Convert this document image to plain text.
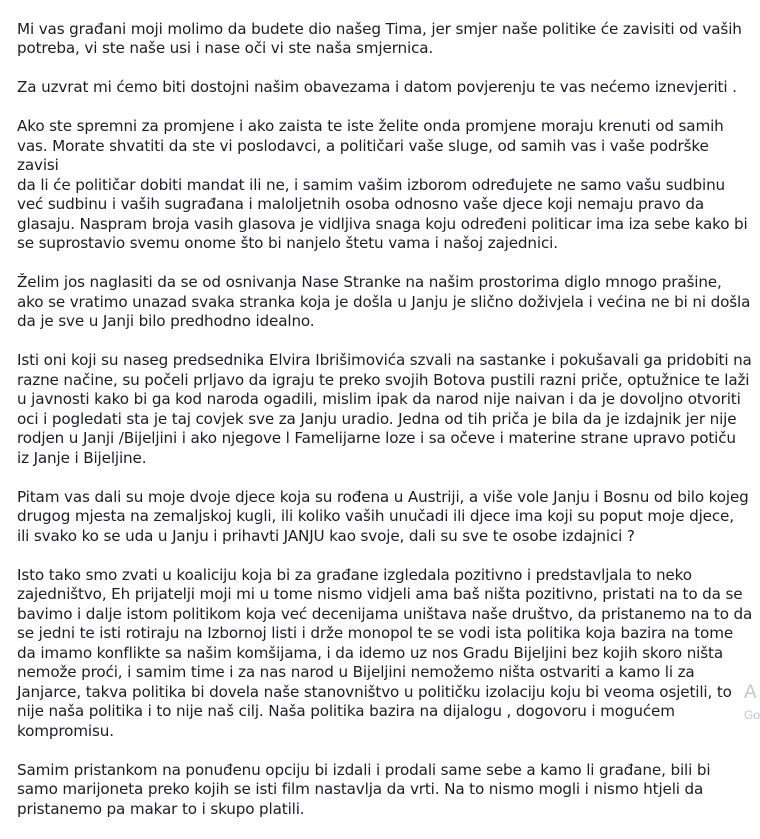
Mi vas građani moji molimo da budete dio našeg Tima, jer smjer naše politike će zavisiti od vaših
potreba, vi ste naše usi i nase oči vi ste naša smjernica.

Za uzvrat mi ćemo biti dostojni našim obavezama i datom povjerenju te vas nećemo iznevjeriti .

Ako ste spremni za promjene i ako zaista te iste želite onda promjene moraju krenuti od samih
vas. Morate shvatiti da ste vi poslodavci, a političari vaše sluge, od samih vas i vaše podrške zavisi
da li će političar dobiti mandat ili ne, i samim vašim izborom određujete ne samo vašu sudbinu
već sudbinu i vaših sugrađana i maloljetnih osoba odnosno vaše djece koji nemaju pravo da
glasaju. Naspram broja vasih glasova je vidljiva snaga koju određeni politicar ima iza sebe kako bi
se suprostavio svemu onome što bi nanjelo štetu vama i našoj zajednici.

Želim jos naglasiti da se od osnivanja Nase Stranke na našim prostorima diglo mnogo prašine,
ako se vratimo unazad svaka stranka koja je došla u Janju je slično doživjela i većina ne bi ni došla
da je sve u Janji bilo predhodno idealno.

Isti oni koji su naseg predsednika Elvira Ibrišimovića szvali na sastanke i pokušavali ga pridobiti na
razne načine, su počeli prljavo da igraju te preko svojih Botova pustili razni priče, optužnice te laži
u javnosti kako bi ga kod naroda ogadili, mislim ipak da narod nije naivan i da je dovoljno otvoriti
oci i pogledati sta je taj covjek sve za Janju uradio. Jedna od tih priča je bila da je izdajnik jer nije
rodjen u Janji /Bijeljini i ako njegove l Famelijarne loze i sa očeve i materine strane upravo potiču
iz Janje i Bijeljine.

Pitam vas dali su moje dvoje djece koja su rođena u Austriji, a više vole Janju i Bosnu od bilo kojeg
drugog mjesta na zemaljskoj kugli, ili koliko vaših unučadi ili djece ima koji su poput moje djece,
ili svako ko se uda u Janju i prihavti JANJU kao svoje, dali su sve te osobe izdajnici ?

Isto tako smo zvati u koaliciju koja bi za građane izgledala pozitivno i predstavljala to neko
zajedništvo, Eh prijatelji moji mi u tome nismo vidjeli ama baš ništa pozitivno, pristati na to da se
bavimo i dalje istom politikom koja već decenijama uništava naše društvo, da pristanemo na to da
se jedni te isti rotiraju na Izbornoj listi i drže monopol te se vodi ista politika koja bazira na tome
da imamo konflikte sa našim komšijama, i da idemo uz nos Gradu Bijeljini bez kojih skoro ništa
nemože proći, i samim time i za nas narod u Bijeljini nemožemo ništa ostvariti a kamo li za
Janjarce, takva politika bi dovela naše stanovništvo u političku izolaciju koju bi veoma osjetili, to
nije naša politika i to nije naš cilj. Naša politika bazira na dijalogu , dogovoru i mogućem
kompromisu.

Samim pristankom na ponuđenu opciju bi izdali i prodali same sebe a kamo li građane, bili bi
samo marijoneta preko kojih se isti film nastavlja da vrti. Na to nismo mogli i nismo htjeli da
pristanemo pa makar to i skupo platili.

A
Go
